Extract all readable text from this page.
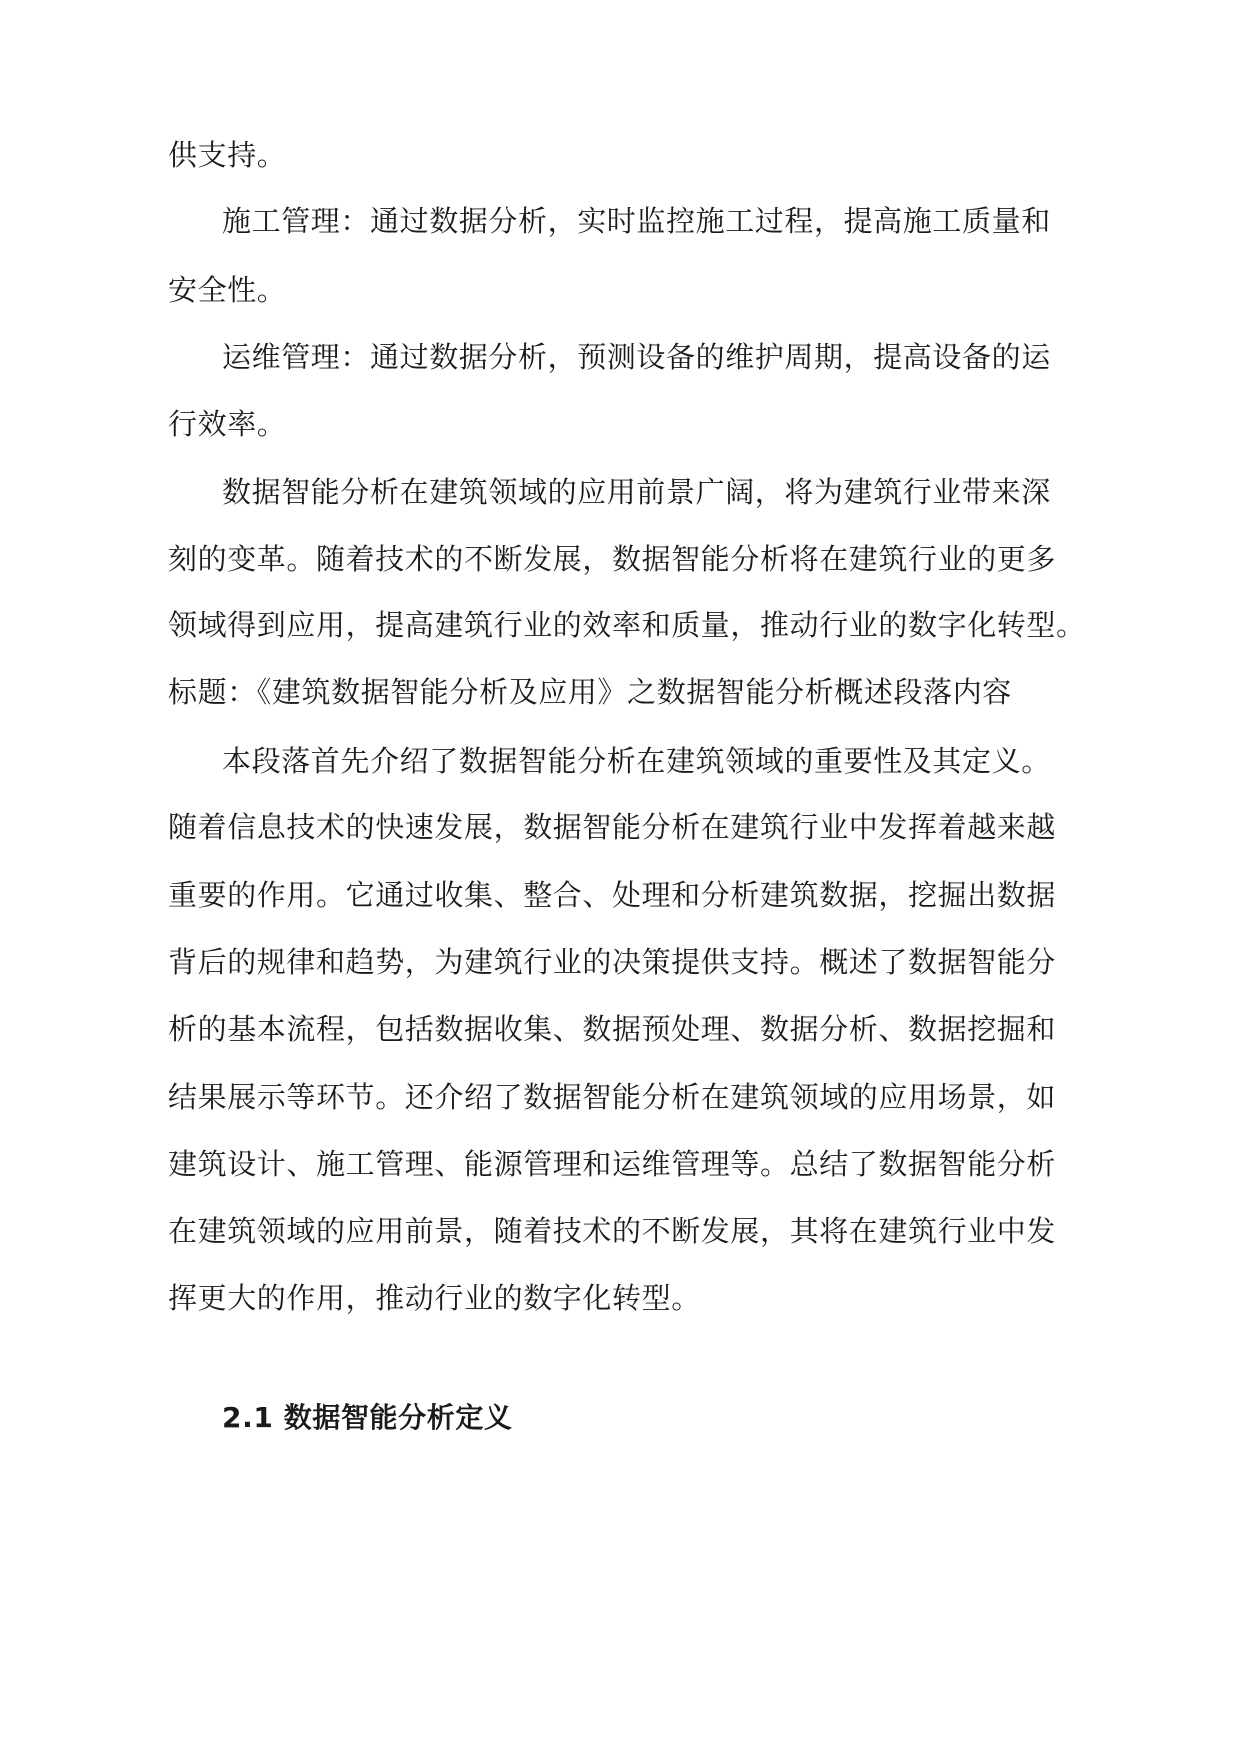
供支持。
施工管理：通过数据分析，实时监控施工过程，提高施工质量和
安全性。
运维管理：通过数据分析，预测设备的维护周期，提高设备的运
行效率。
数据智能分析在建筑领域的应用前景广阔，将为建筑行业带来深
刻的变革。随着技术的不断发展，数据智能分析将在建筑行业的更多
领域得到应用，提高建筑行业的效率和质量，推动行业的数字化转型。
标题：《建筑数据智能分析及应用》之数据智能分析概述段落内容
本段落首先介绍了数据智能分析在建筑领域的重要性及其定义。
随着信息技术的快速发展，数据智能分析在建筑行业中发挥着越来越
重要的作用。它通过收集、整合、处理和分析建筑数据，挖掘出数据
背后的规律和趋势，为建筑行业的决策提供支持。概述了数据智能分
析的基本流程，包括数据收集、数据预处理、数据分析、数据挖掘和
结果展示等环节。还介绍了数据智能分析在建筑领域的应用场景，如
建筑设计、施工管理、能源管理和运维管理等。总结了数据智能分析
在建筑领域的应用前景，随着技术的不断发展，其将在建筑行业中发
挥更大的作用，推动行业的数字化转型。
2.1 数据智能分析定义
